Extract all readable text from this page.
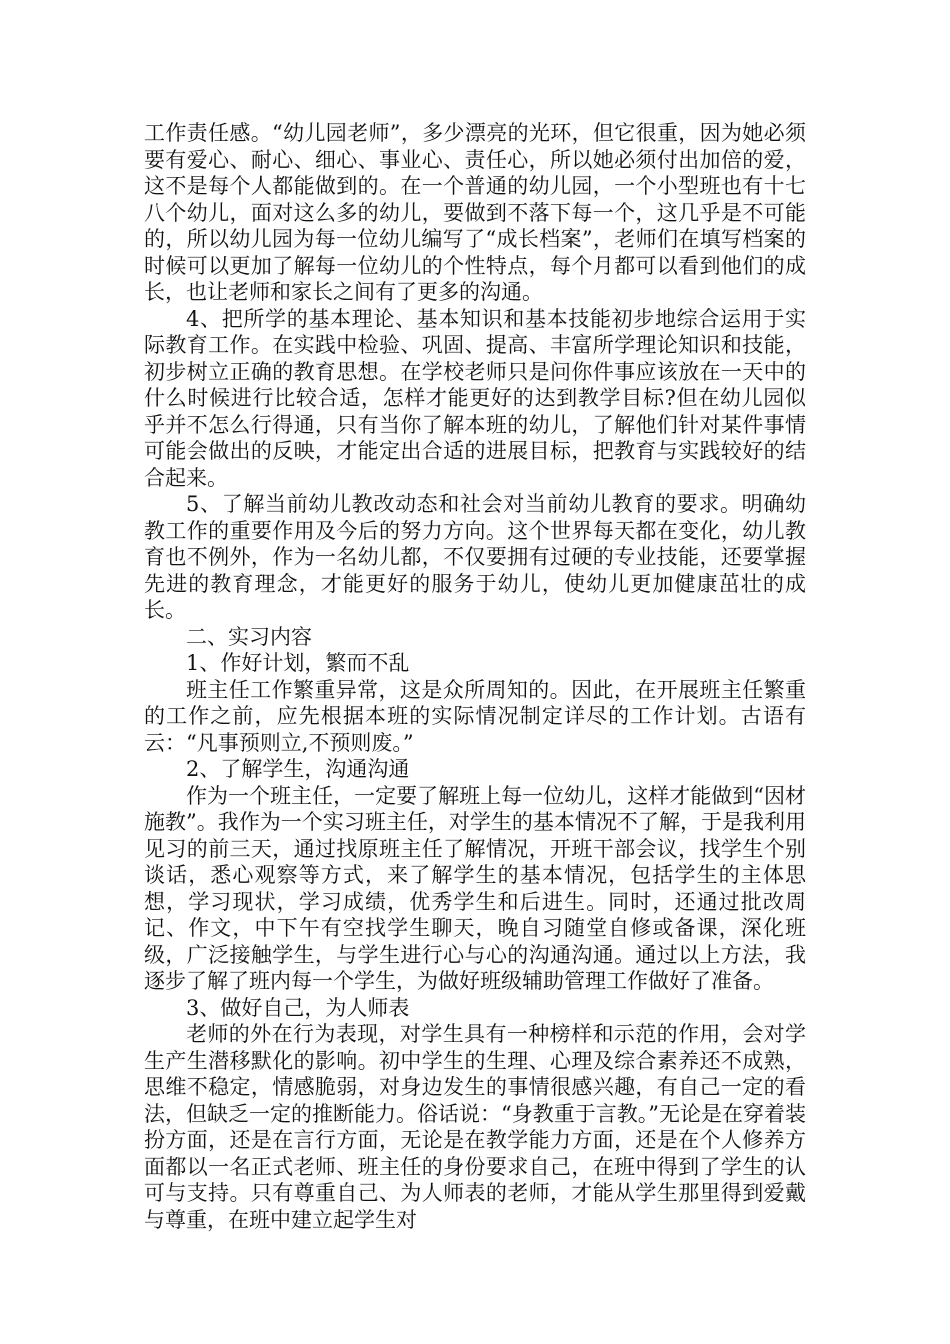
工作责任感。“幼儿园老师”，多少漂亮的光环，但它很重，因为她必须要有爱心、耐心、细心、事业心、责任心，所以她必须付出加倍的爱，这不是每个人都能做到的。在一个普通的幼儿园，一个小型班也有十七八个幼儿，面对这么多的幼儿，要做到不落下每一个，这几乎是不可能的，所以幼儿园为每一位幼儿编写了“成长档案”，老师们在填写档案的时候可以更加了解每一位幼儿的个性特点，每个月都可以看到他们的成长，也让老师和家长之间有了更多的沟通。

4、把所学的基本理论、基本知识和基本技能初步地综合运用于实际教育工作。在实践中检验、巩固、提高、丰富所学理论知识和技能，初步树立正确的教育思想。在学校老师只是问你件事应该放在一天中的什么时候进行比较合适，怎样才能更好的达到教学目标?但在幼儿园似乎并不怎么行得通，只有当你了解本班的幼儿，了解他们针对某件事情可能会做出的反映，才能定出合适的进展目标，把教育与实践较好的结合起来。

5、了解当前幼儿教改动态和社会对当前幼儿教育的要求。明确幼教工作的重要作用及今后的努力方向。这个世界每天都在变化，幼儿教育也不例外，作为一名幼儿都，不仅要拥有过硬的专业技能，还要掌握先进的教育理念，才能更好的服务于幼儿，使幼儿更加健康茁壮的成长。

二、实习内容

1、作好计划，繁而不乱

班主任工作繁重异常，这是众所周知的。因此，在开展班主任繁重的工作之前，应先根据本班的实际情况制定详尽的工作计划。古语有云：“凡事预则立,不预则废。”

2、了解学生，沟通沟通

作为一个班主任，一定要了解班上每一位幼儿，这样才能做到“因材施教”。我作为一个实习班主任，对学生的基本情况不了解，于是我利用见习的前三天，通过找原班主任了解情况，开班干部会议，找学生个别谈话，悉心观察等方式，来了解学生的基本情况，包括学生的主体思想，学习现状，学习成绩，优秀学生和后进生。同时，还通过批改周记、作文，中下午有空找学生聊天，晚自习随堂自修或备课，深化班级，广泛接触学生，与学生进行心与心的沟通沟通。通过以上方法，我逐步了解了班内每一个学生，为做好班级辅助管理工作做好了准备。

3、做好自己，为人师表

老师的外在行为表现，对学生具有一种榜样和示范的作用，会对学生产生潜移默化的影响。初中学生的生理、心理及综合素养还不成熟，思维不稳定，情感脆弱，对身边发生的事情很感兴趣，有自己一定的看法，但缺乏一定的推断能力。俗话说：“身教重于言教。”无论是在穿着装扮方面，还是在言行方面，无论是在教学能力方面，还是在个人修养方面都以一名正式老师、班主任的身份要求自己，在班中得到了学生的认可与支持。只有尊重自己、为人师表的老师，才能从学生那里得到爱戴与尊重，在班中建立起学生对
